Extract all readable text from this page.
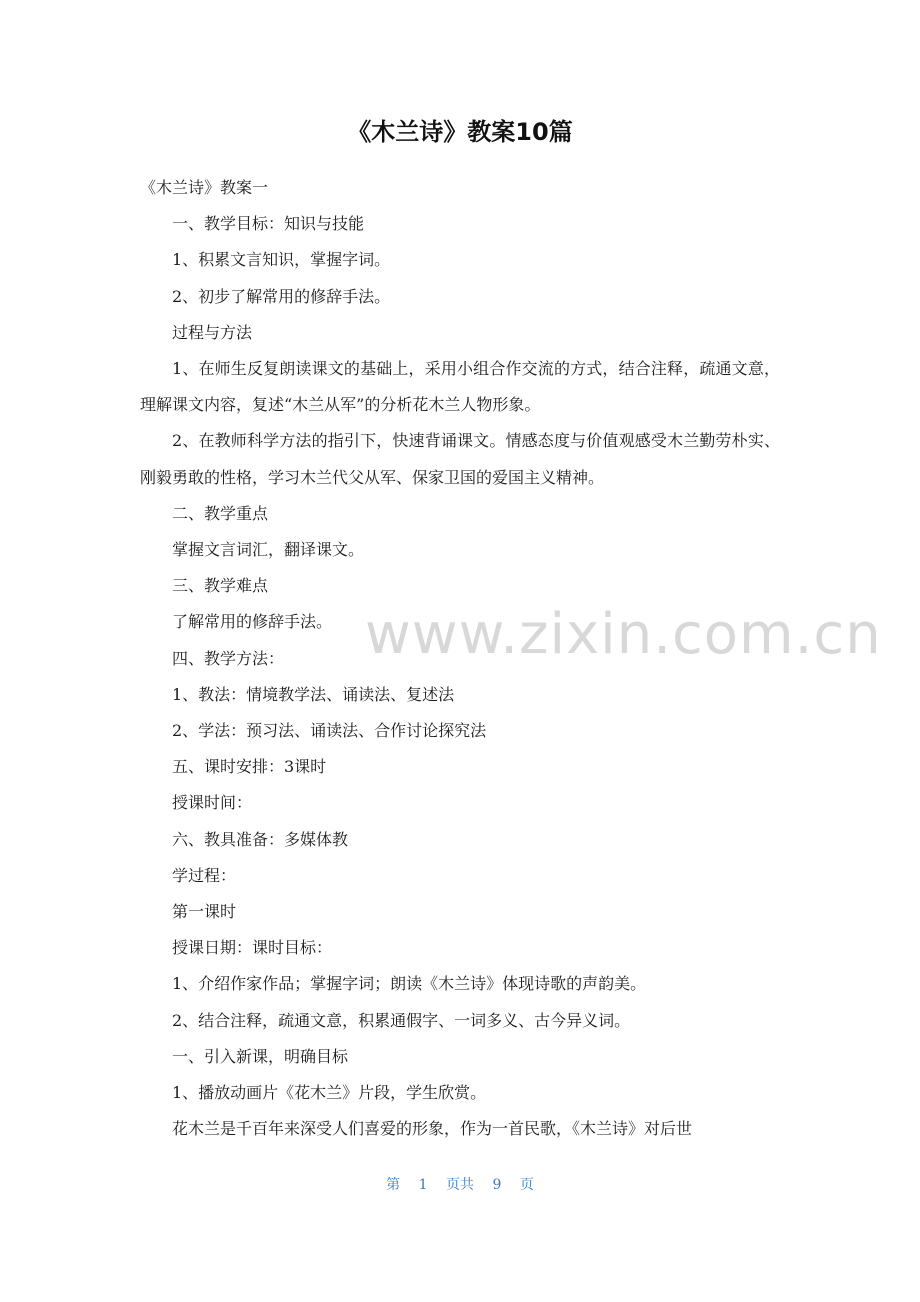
《木兰诗》教案10篇

《木兰诗》教案一

一、教学目标：知识与技能

1、积累文言知识，掌握字词。

2、初步了解常用的修辞手法。

过程与方法

1、在师生反复朗读课文的基础上，采用小组合作交流的方式，结合注释，疏通文意，理解课文内容，复述“木兰从军”的分析花木兰人物形象。

2、在教师科学方法的指引下，快速背诵课文。情感态度与价值观感受木兰勤劳朴实、刚毅勇敢的性格，学习木兰代父从军、保家卫国的爱国主义精神。

二、教学重点

掌握文言词汇，翻译课文。

三、教学难点

了解常用的修辞手法。

四、教学方法：

1、教法：情境教学法、诵读法、复述法

2、学法：预习法、诵读法、合作讨论探究法

五、课时安排：3课时

授课时间：

六、教具准备：多媒体教

学过程：

第一课时

授课日期：课时目标：

1、介绍作家作品；掌握字词；朗读《木兰诗》体现诗歌的声韵美。

2、结合注释，疏通文意，积累通假字、一词多义、古今异义词。

一、引入新课，明确目标

1、播放动画片《花木兰》片段，学生欣赏。

花木兰是千百年来深受人们喜爱的形象，作为一首民歌，《木兰诗》对后世

www.zixin.com.cn
第 1 页共 9 页
